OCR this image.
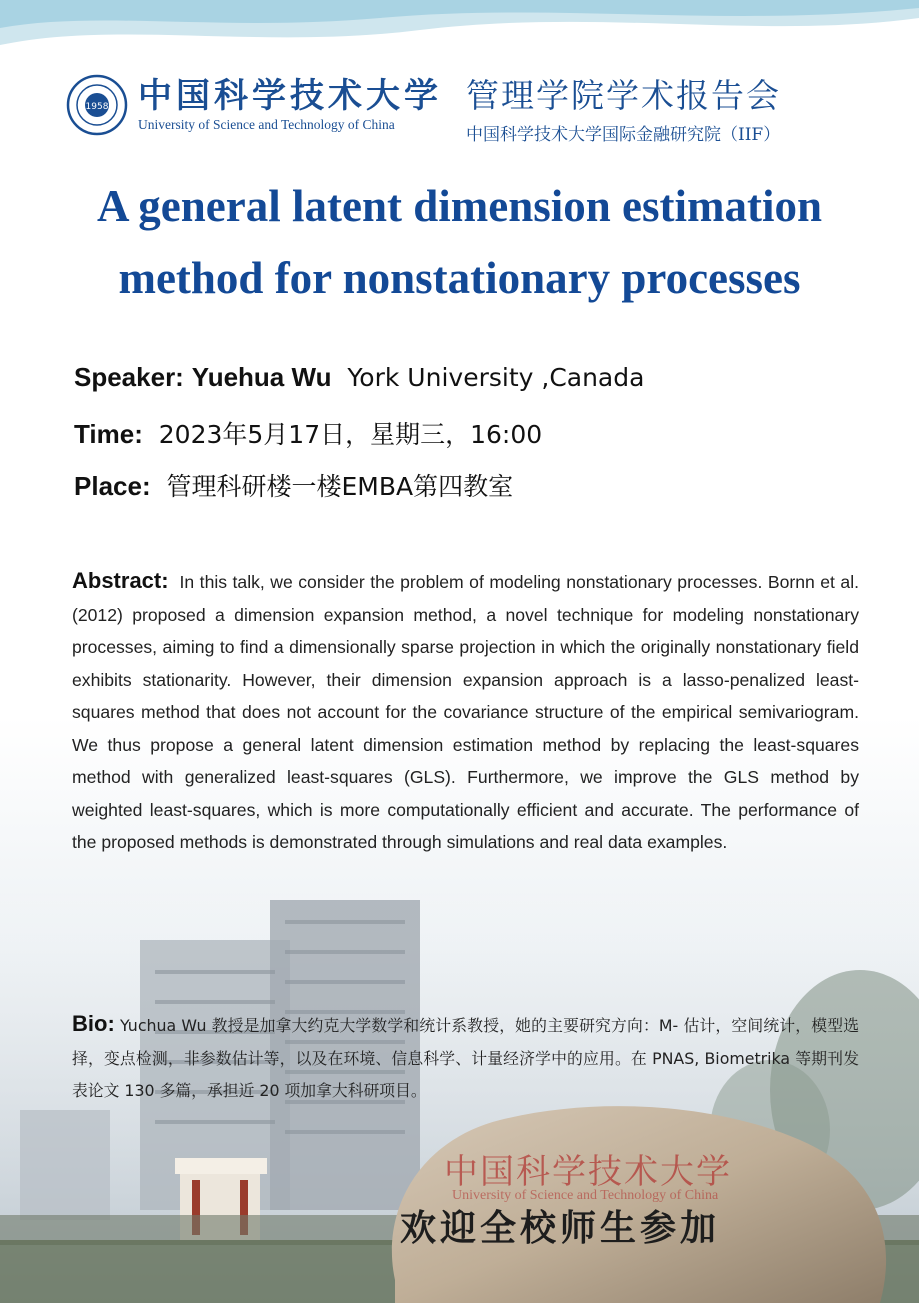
1958 中国科学技术大学
University of Science and Technology of China
管理学院学术报告会
中国科学技术大学国际金融研究院（IIF）
A general latent dimension estimation
method for nonstationary processes
Speaker: Yuehua Wu York University ,Canada
Time: 2023年5月17日，星期三，16:00
Place: 管理科研楼一楼EMBA第四教室
Abstract: In this talk, we consider the problem of modeling nonstationary processes. Bornn et al. (2012) proposed a dimension expansion method, a novel technique for modeling nonstationary processes, aiming to find a dimensionally sparse projection in which the originally nonstationary field exhibits stationarity. However, their dimension expansion approach is a lasso-penalized least-squares method that does not account for the covariance structure of the empirical semivariogram. We thus propose a general latent dimension estimation method by replacing the least-squares method with generalized least-squares (GLS). Furthermore, we improve the GLS method by weighted least-squares, which is more computationally efficient and accurate. The performance of the proposed methods is demonstrated through simulations and real data examples.
Bio: Yuchua Wu 教授是加拿大约克大学数学和统计系教授，她的主要研究方向：M- 估计，空间统计，模型选择，变点检测，非参数估计等，以及在环境、信息科学、计量经济学中的应用。在 PNAS, Biometrika 等期刊发表论文 130 多篇，承担近 20 项加拿大科研项目。
中国科学技术大学
University of Science and Technology of China
欢迎全校师生参加
